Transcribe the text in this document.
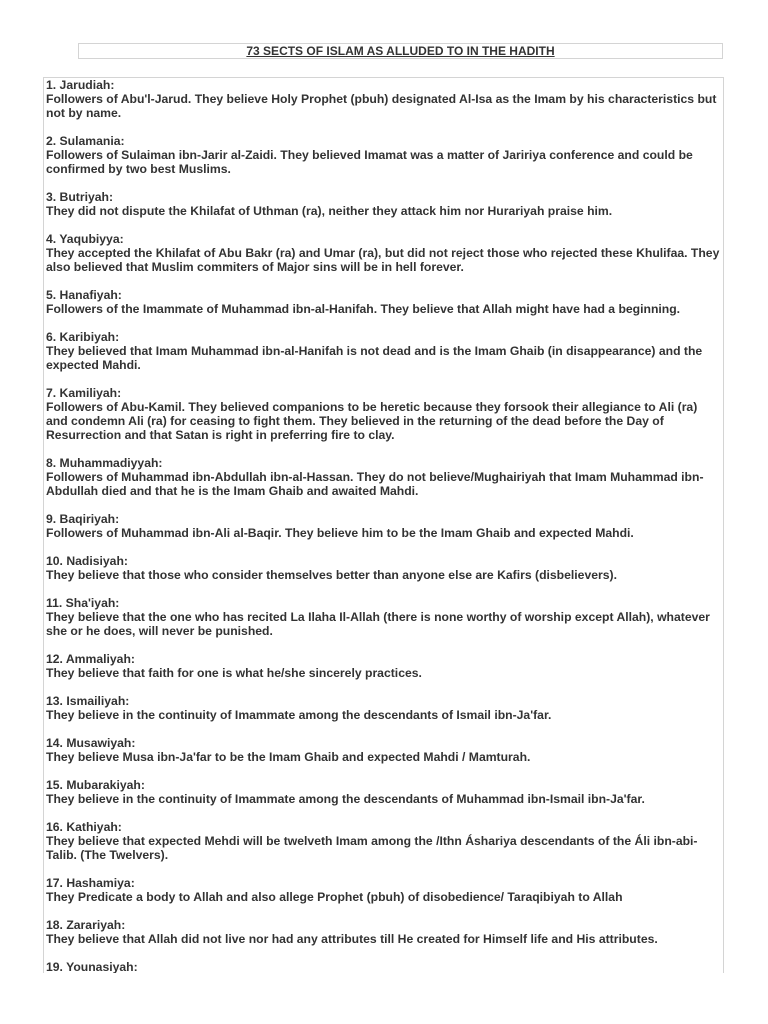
73 SECTS OF ISLAM AS ALLUDED TO IN THE HADITH
1. Jarudiah:
Followers of Abu'l-Jarud. They believe Holy Prophet (pbuh) designated Al-Isa as the Imam by his characteristics but not by name.
2. Sulamania:
Followers of Sulaiman ibn-Jarir al-Zaidi. They believed Imamat was a matter of Jaririya conference and could be confirmed by two best Muslims.
3. Butriyah:
They did not dispute the Khilafat of Uthman (ra), neither they attack him nor Hurariyah praise him.
4. Yaqubiyya:
They accepted the Khilafat of Abu Bakr (ra) and Umar (ra), but did not reject those who rejected these Khulifaa. They also believed that Muslim commiters of Major sins will be in hell forever.
5. Hanafiyah:
Followers of the Imammate of Muhammad ibn-al-Hanifah. They believe that Allah might have had a beginning.
6. Karibiyah:
They believed that Imam Muhammad ibn-al-Hanifah is not dead and is the Imam Ghaib (in disappearance) and the expected Mahdi.
7. Kamiliyah:
Followers of Abu-Kamil. They believed companions to be heretic because they forsook their allegiance to Ali (ra) and condemn Ali (ra) for ceasing to fight them. They believed in the returning of the dead before the Day of Resurrection and that Satan is right in preferring fire to clay.
8. Muhammadiyyah:
Followers of Muhammad ibn-Abdullah ibn-al-Hassan. They do not believe/Mughairiyah that Imam Muhammad ibn-Abdullah died and that he is the Imam Ghaib and awaited Mahdi.
9. Baqiriyah:
Followers of Muhammad ibn-Ali al-Baqir. They believe him to be the Imam Ghaib and expected Mahdi.
10. Nadisiyah:
They believe that those who consider themselves better than anyone else are Kafirs (disbelievers).
11. Sha'iyah:
They believe that the one who has recited La Ilaha Il-Allah (there is none worthy of worship except Allah), whatever she or he does, will never be punished.
12. Ammaliyah:
They believe that faith for one is what he/she sincerely practices.
13. Ismailiyah:
They believe in the continuity of Imammate among the descendants of Ismail ibn-Ja'far.
14. Musawiyah:
They believe Musa ibn-Ja'far to be the Imam Ghaib and expected Mahdi / Mamturah.
15. Mubarakiyah:
They believe in the continuity of Imammate among the descendants of Muhammad ibn-Ismail ibn-Ja'far.
16. Kathiyah:
They believe that expected Mehdi will be twelveth Imam among the /Ithn Áshariya descendants of the Áli ibn-abi-Talib. (The Twelvers).
17. Hashamiya:
They Predicate a body to Allah and also allege Prophet (pbuh) of disobedience/ Taraqibiyah to Allah
18. Zarariyah:
They believe that Allah did not live nor had any attributes till He created for Himself life and His attributes.
19. Younasiyah:
